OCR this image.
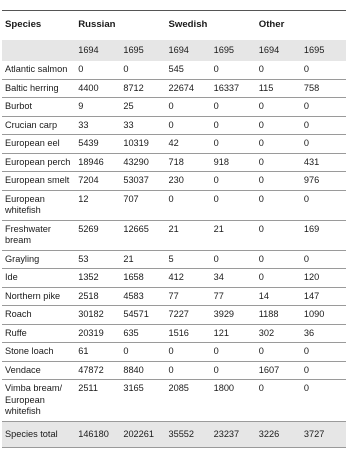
Species	Russian		Swedish		Other	
	1694	1695	1694	1695	1694	1695
Atlantic salmon	0	0	545	0	0	0
Baltic herring	4400	8712	22674	16337	115	758
Burbot	9	25	0	0	0	0
Crucian carp	33	33	0	0	0	0
European eel	5439	10319	42	0	0	0
European perch	18946	43290	718	918	0	431
European smelt	7204	53037	230	0	0	976
European whitefish	12	707	0	0	0	0
Freshwater bream	5269	12665	21	21	0	169
Grayling	53	21	5	0	0	0
Ide	1352	1658	412	34	0	120
Northern pike	2518	4583	77	77	14	147
Roach	30182	54571	7227	3929	1188	1090
Ruffe	20319	635	1516	121	302	36
Stone loach	61	0	0	0	0	0
Vendace	47872	8840	0	0	1607	0
Vimba bream/ European whitefish	2511	3165	2085	1800	0	0
Species total	146180	202261	35552	23237	3226	3727
